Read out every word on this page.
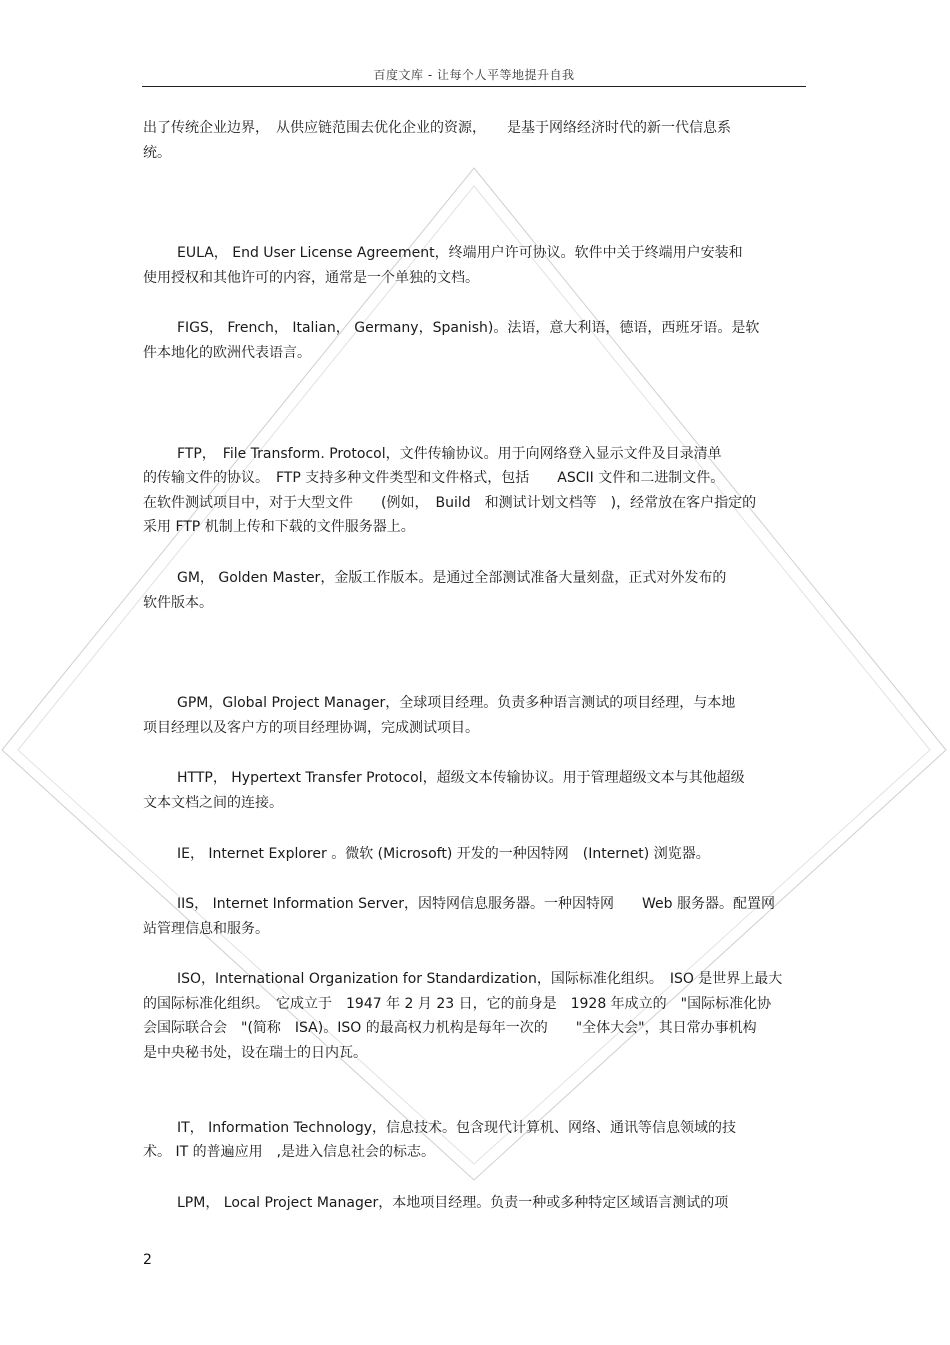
百度文库 - 让每个人平等地提升自我

出了传统企业边界，　从供应链范围去优化企业的资源，　　是基于网络经济时代的新一代信息系
统。

EULA， End User License Agreement，终端用户许可协议。软件中关于终端用户安装和
使用授权和其他许可的内容，通常是一个单独的文档。

FIGS， French， Italian， Germany，Spanish)。法语，意大利语，德语，西班牙语。是软
件本地化的欧洲代表语言。

FTP，　File Transform. Protocol，文件传输协议。用于向网络登入显示文件及目录清单
的传输文件的协议。　FTP 支持多种文件类型和文件格式，包括　　ASCII 文件和二进制文件。
在软件测试项目中，对于大型文件　　(例如，　Build　和测试计划文档等　)，经常放在客户指定的
采用 FTP 机制上传和下载的文件服务器上。

GM， Golden Master，金版工作版本。是通过全部测试准备大量刻盘，正式对外发布的
软件版本。

GPM，Global Project Manager，全球项目经理。负责多种语言测试的项目经理，与本地
项目经理以及客户方的项目经理协调，完成测试项目。

HTTP， Hypertext Transfer Protocol，超级文本传输协议。用于管理超级文本与其他超级
文本文档之间的连接。

IE， Internet Explorer 。微软 (Microsoft) 开发的一种因特网　(Internet) 浏览器。

IIS， Internet Information Server，因特网信息服务器。一种因特网　　Web 服务器。配置网
站管理信息和服务。

ISO，International Organization for Standardization，国际标准化组织。　ISO 是世界上最大
的国际标准化组织。　它成立于　1947 年 2 月 23 日，它的前身是　1928 年成立的　"国际标准化协
会国际联合会　"(简称　ISA)。ISO 的最高权力机构是每年一次的　　"全体大会"，其日常办事机构
是中央秘书处，设在瑞士的日内瓦。

IT， Information Technology，信息技术。包含现代计算机、网络、通讯等信息领域的技
术。 IT 的普遍应用　,是进入信息社会的标志。

LPM， Local Project Manager，本地项目经理。负责一种或多种特定区域语言测试的项

2
